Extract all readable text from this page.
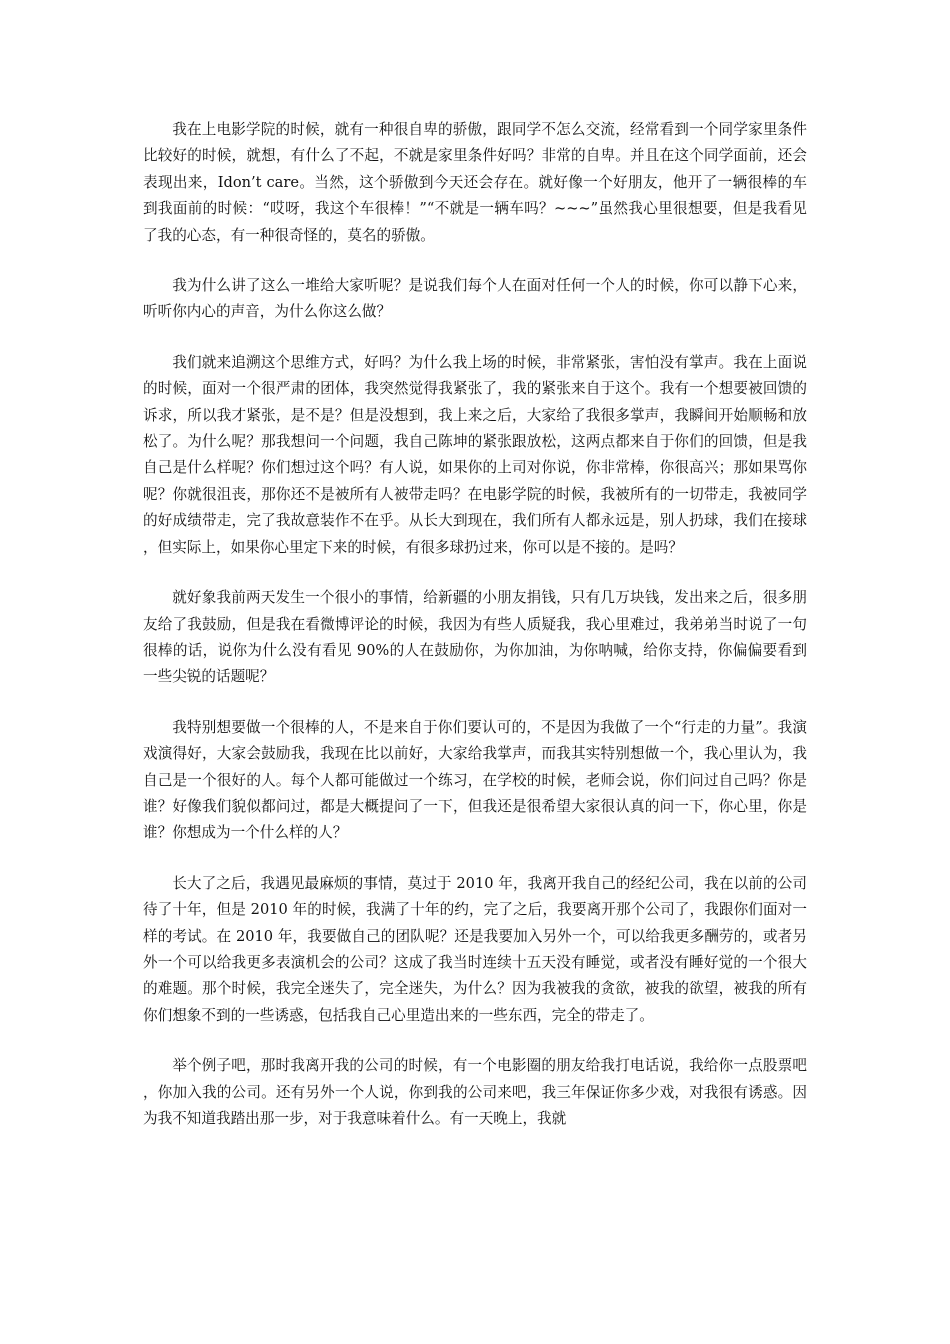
我在上电影学院的时候，就有一种很自卑的骄傲，跟同学不怎么交流，经常看到一个同学家里条件比较好的时候，就想，有什么了不起，不就是家里条件好吗？非常的自卑。并且在这个同学面前，还会表现出来，Idon’t care。当然，这个骄傲到今天还会存在。就好像一个好朋友，他开了一辆很棒的车到我面前的时候：“哎呀，我这个车很棒！”“不就是一辆车吗？~~~”虽然我心里很想要，但是我看见了我的心态，有一种很奇怪的，莫名的骄傲。

我为什么讲了这么一堆给大家听呢？是说我们每个人在面对任何一个人的时候，你可以静下心来，听听你内心的声音，为什么你这么做？

我们就来追溯这个思维方式，好吗？为什么我上场的时候，非常紧张，害怕没有掌声。我在上面说的时候，面对一个很严肃的团体，我突然觉得我紧张了，我的紧张来自于这个。我有一个想要被回馈的诉求，所以我才紧张，是不是？但是没想到，我上来之后，大家给了我很多掌声，我瞬间开始顺畅和放松了。为什么呢？那我想问一个问题，我自己陈坤的紧张跟放松，这两点都来自于你们的回馈，但是我自己是什么样呢？你们想过这个吗？有人说，如果你的上司对你说，你非常棒，你很高兴；那如果骂你呢？你就很沮丧，那你还不是被所有人被带走吗？在电影学院的时候，我被所有的一切带走，我被同学的好成绩带走，完了我故意装作不在乎。从长大到现在，我们所有人都永远是，别人扔球，我们在接球，但实际上，如果你心里定下来的时候，有很多球扔过来，你可以是不接的。是吗？

就好象我前两天发生一个很小的事情，给新疆的小朋友捐钱，只有几万块钱，发出来之后，很多朋友给了我鼓励，但是我在看微博评论的时候，我因为有些人质疑我，我心里难过，我弟弟当时说了一句很棒的话，说你为什么没有看见 90%的人在鼓励你，为你加油，为你呐喊，给你支持，你偏偏要看到一些尖锐的话题呢？

我特别想要做一个很棒的人，不是来自于你们要认可的，不是因为我做了一个“行走的力量”。我演戏演得好，大家会鼓励我，我现在比以前好，大家给我掌声，而我其实特别想做一个，我心里认为，我自己是一个很好的人。每个人都可能做过一个练习，在学校的时候，老师会说，你们问过自己吗？你是谁？好像我们貌似都问过，都是大概提问了一下，但我还是很希望大家很认真的问一下，你心里，你是谁？你想成为一个什么样的人？

长大了之后，我遇见最麻烦的事情，莫过于 2010 年，我离开我自己的经纪公司，我在以前的公司待了十年，但是 2010 年的时候，我满了十年的约，完了之后，我要离开那个公司了，我跟你们面对一样的考试。在 2010 年，我要做自己的团队呢？还是我要加入另外一个，可以给我更多酬劳的，或者另外一个可以给我更多表演机会的公司？这成了我当时连续十五天没有睡觉，或者没有睡好觉的一个很大的难题。那个时候，我完全迷失了，完全迷失，为什么？因为我被我的贪欲，被我的欲望，被我的所有你们想象不到的一些诱惑，包括我自己心里造出来的一些东西，完全的带走了。

举个例子吧，那时我离开我的公司的时候，有一个电影圈的朋友给我打电话说，我给你一点股票吧，你加入我的公司。还有另外一个人说，你到我的公司来吧，我三年保证你多少戏，对我很有诱惑。因为我不知道我踏出那一步，对于我意味着什么。有一天晚上，我就
